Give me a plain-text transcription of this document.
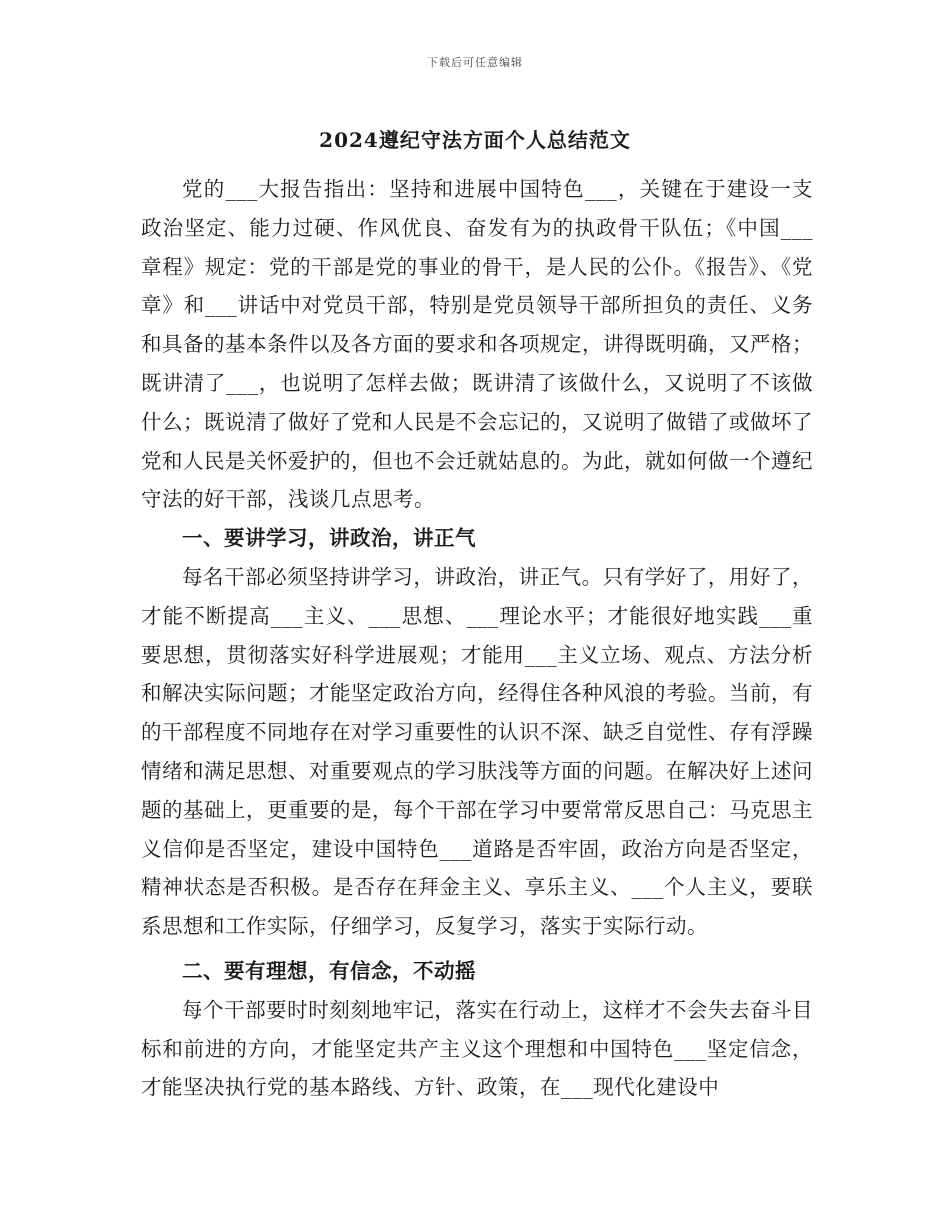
下载后可任意编辑
2024遵纪守法方面个人总结范文

党的___大报告指出：坚持和进展中国特色___，关键在于建设一支政治坚定、能力过硬、作风优良、奋发有为的执政骨干队伍；《中国___章程》规定：党的干部是党的事业的骨干，是人民的公仆。《报告》、《党章》和___讲话中对党员干部，特别是党员领导干部所担负的责任、义务和具备的基本条件以及各方面的要求和各项规定，讲得既明确，又严格；既讲清了___，也说明了怎样去做；既讲清了该做什么，又说明了不该做什么；既说清了做好了党和人民是不会忘记的，又说明了做错了或做坏了党和人民是关怀爱护的，但也不会迁就姑息的。为此，就如何做一个遵纪守法的好干部，浅谈几点思考。

一、要讲学习，讲政治，讲正气

每名干部必须坚持讲学习，讲政治，讲正气。只有学好了，用好了，才能不断提高___主义、___思想、___理论水平；才能很好地实践___重要思想，贯彻落实好科学进展观；才能用___主义立场、观点、方法分析和解决实际问题；才能坚定政治方向，经得住各种风浪的考验。当前，有的干部程度不同地存在对学习重要性的认识不深、缺乏自觉性、存有浮躁情绪和满足思想、对重要观点的学习肤浅等方面的问题。在解决好上述问题的基础上，更重要的是，每个干部在学习中要常常反思自己：马克思主义信仰是否坚定，建设中国特色___道路是否牢固，政治方向是否坚定，精神状态是否积极。是否存在拜金主义、享乐主义、___个人主义，要联系思想和工作实际，仔细学习，反复学习，落实于实际行动。

二、要有理想，有信念，不动摇

每个干部要时时刻刻地牢记，落实在行动上，这样才不会失去奋斗目标和前进的方向，才能坚定共产主义这个理想和中国特色___坚定信念，才能坚决执行党的基本路线、方针、政策，在___现代化建设中
